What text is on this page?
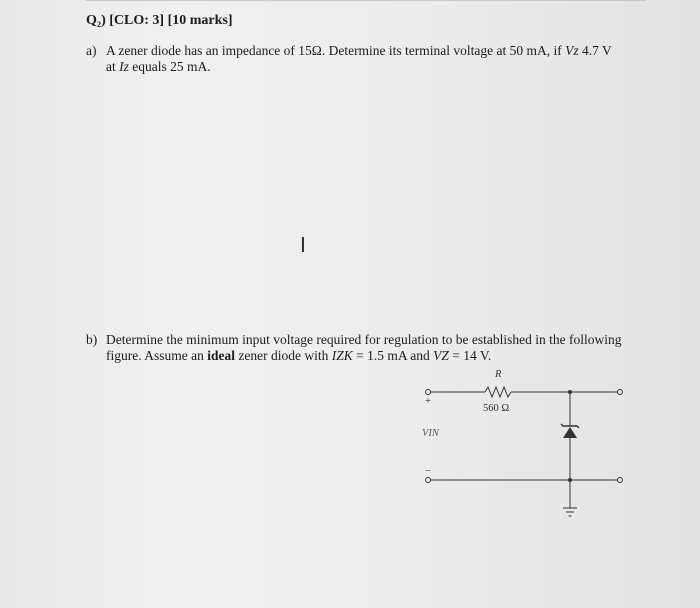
Q₂) [CLO: 3] [10 marks]
a) A zener diode has an impedance of 15Ω. Determine its terminal voltage at 50 mA, if Vz 4.7 V
at Iz equals 25 mA.
I
b) Determine the minimum input voltage required for regulation to be established in the following
figure. Assume an ideal zener diode with IZK = 1.5 mA and VZ = 14 V.
R
560 Ω
+
−
VIN
